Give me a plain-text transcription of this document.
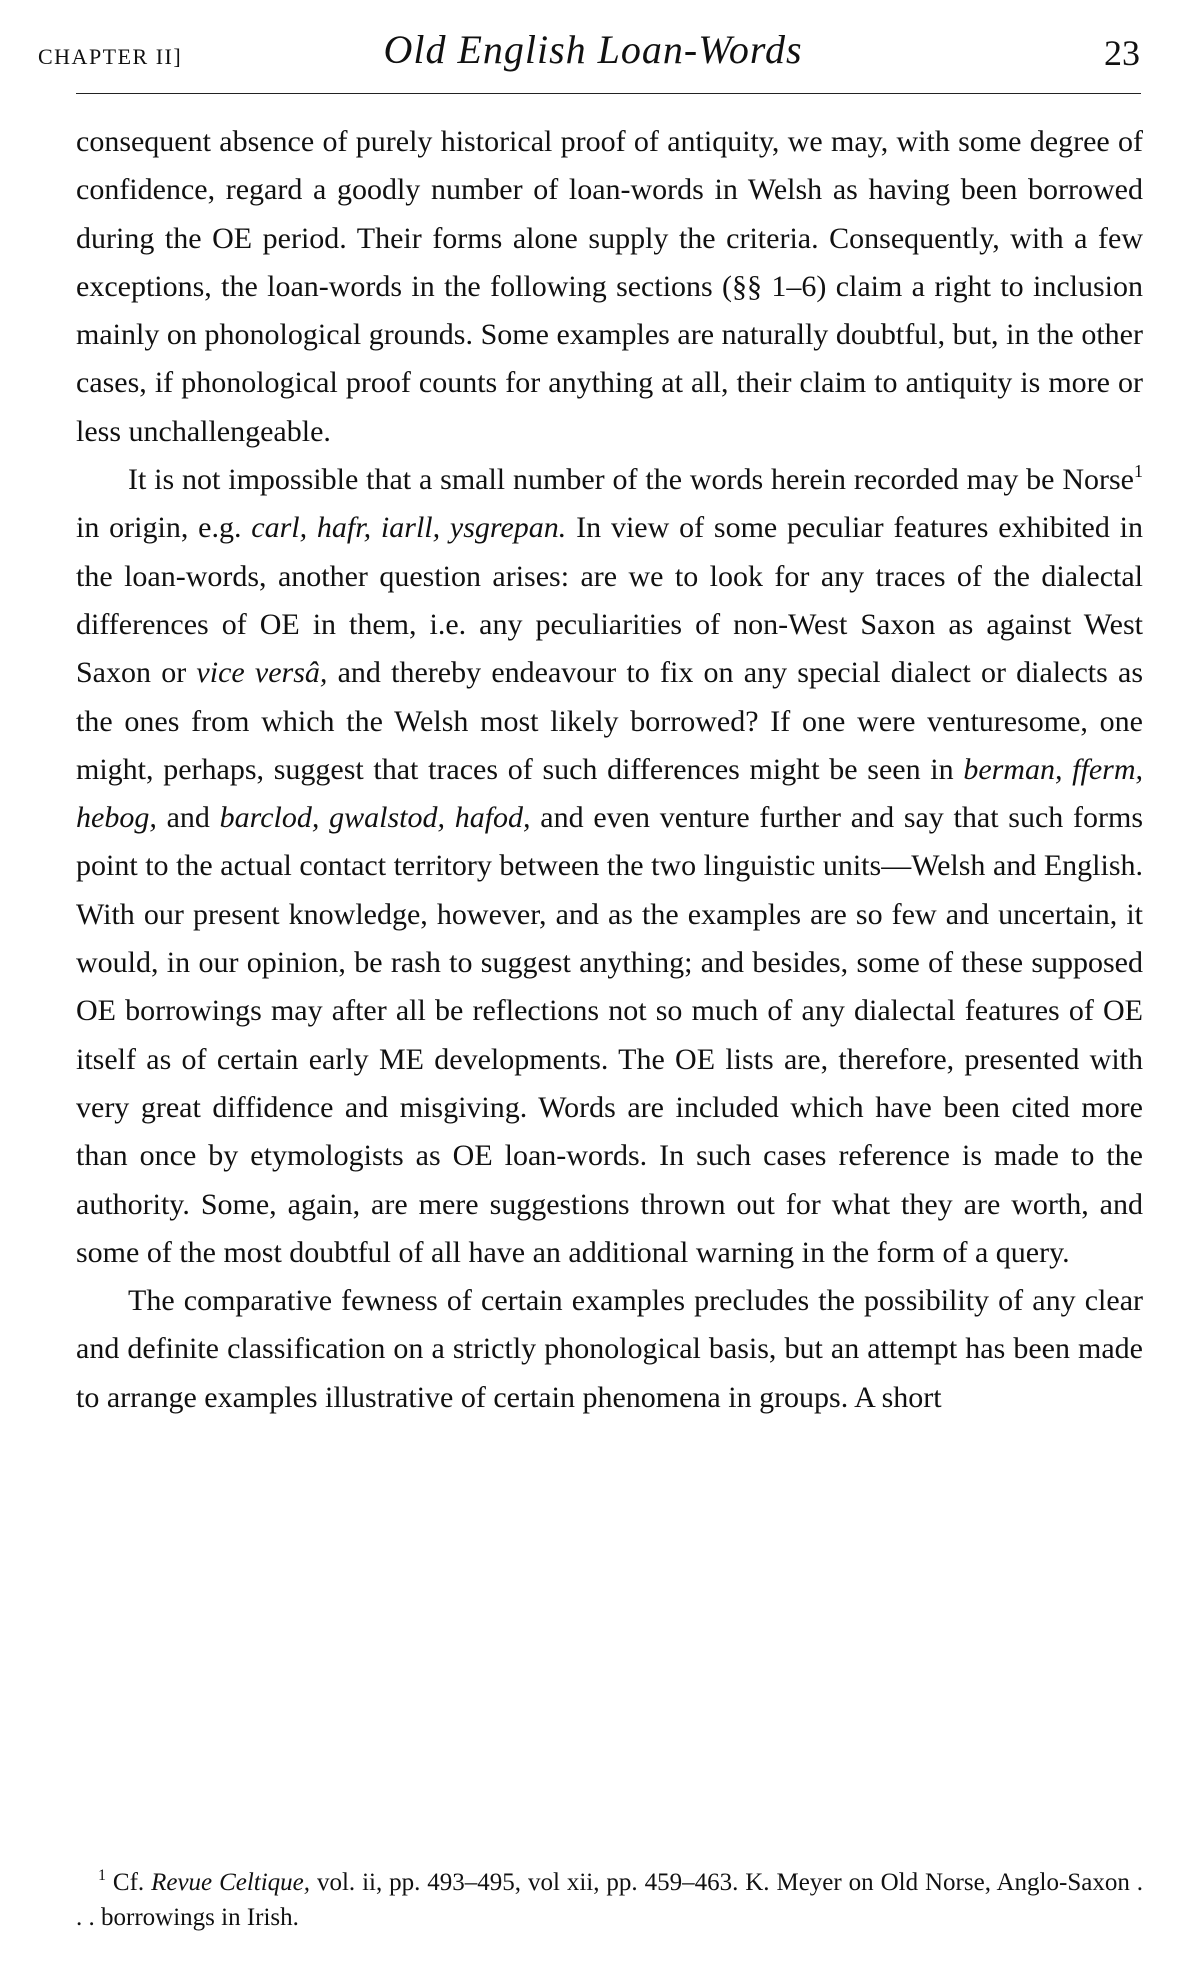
CHAPTER II]	Old English Loan-Words	23

consequent absence of purely historical proof of antiquity, we may, with some degree of confidence, regard a goodly number of loan-words in Welsh as having been borrowed during the OE period. Their forms alone supply the criteria. Consequently, with a few exceptions, the loan-words in the following sections (§§ 1–6) claim a right to inclusion mainly on phonological grounds. Some examples are naturally doubtful, but, in the other cases, if phonological proof counts for anything at all, their claim to antiquity is more or less unchallengeable.

It is not impossible that a small number of the words herein recorded may be Norse$^1$ in origin, e.g. carl, hafr, iarll, ysgrepan. In view of some peculiar features exhibited in the loan-words, another question arises: are we to look for any traces of the dialectal differences of OE in them, i.e. any peculiarities of non-West Saxon as against West Saxon or vice versâ, and thereby endeavour to fix on any special dialect or dialects as the ones from which the Welsh most likely borrowed? If one were venturesome, one might, perhaps, suggest that traces of such differences might be seen in berman, fferm, hebog, and barclod, gwalstod, hafod, and even venture further and say that such forms point to the actual contact territory between the two linguistic units—Welsh and English. With our present knowledge, however, and as the examples are so few and uncertain, it would, in our opinion, be rash to suggest anything; and besides, some of these supposed OE borrowings may after all be reflections not so much of any dialectal features of OE itself as of certain early ME developments. The OE lists are, therefore, presented with very great diffidence and misgiving. Words are included which have been cited more than once by etymologists as OE loan-words. In such cases reference is made to the authority. Some, again, are mere suggestions thrown out for what they are worth, and some of the most doubtful of all have an additional warning in the form of a query.

The comparative fewness of certain examples precludes the possibility of any clear and definite classification on a strictly phonological basis, but an attempt has been made to arrange examples illustrative of certain phenomena in groups. A short

$^1$ Cf. Revue Celtique, vol. ii, pp. 493–495, vol xii, pp. 459–463. K. Meyer on Old Norse, Anglo-Saxon . . . borrowings in Irish.
